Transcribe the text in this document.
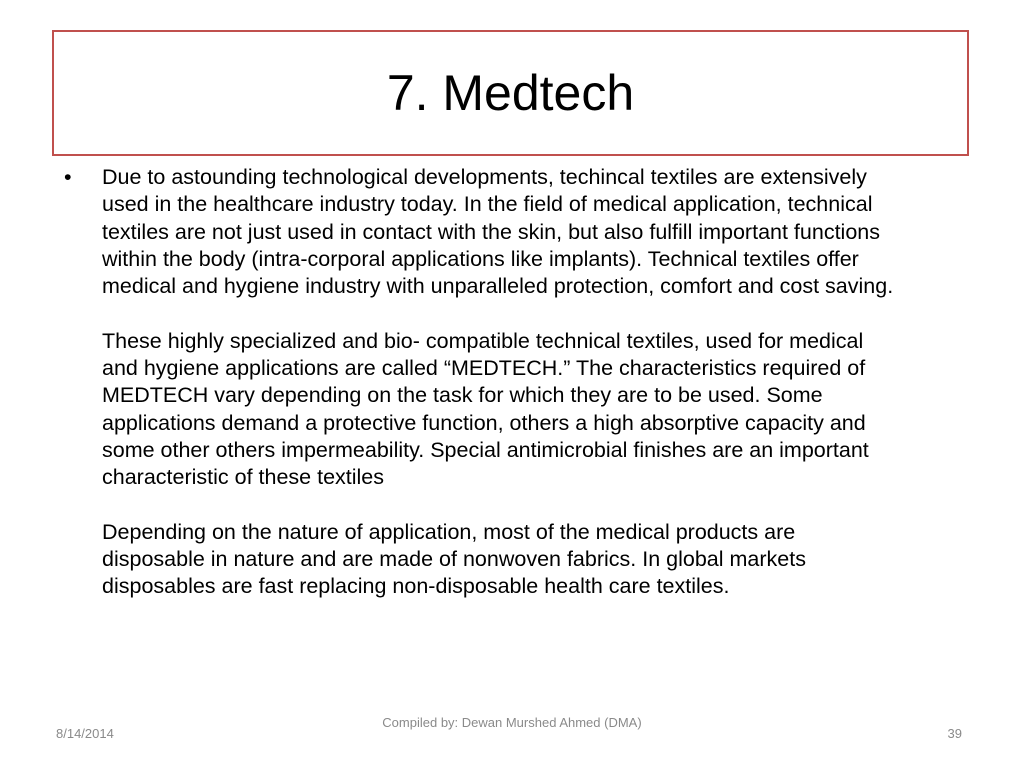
7. Medtech
•	Due to astounding technological developments, techincal textiles are extensively used in the healthcare industry today. In the field of medical application, technical textiles are not just used in contact with the skin, but also fulfill important functions within the body (intra-corporal applications like implants). Technical textiles offer medical and hygiene industry with unparalleled protection, comfort and cost saving.

These highly specialized and bio- compatible technical textiles, used for medical and hygiene applications are called “MEDTECH.” The characteristics required of MEDTECH vary depending on the task for which they are to be used. Some applications demand a protective function, others a high absorptive capacity and some other others impermeability. Special antimicrobial finishes are an important characteristic of these textiles

Depending on the nature of application, most of the medical products are disposable in nature and are made of nonwoven fabrics. In global markets disposables are fast replacing non-disposable health care textiles.

8/14/2014
Compiled by: Dewan Murshed Ahmed (DMA)
39
